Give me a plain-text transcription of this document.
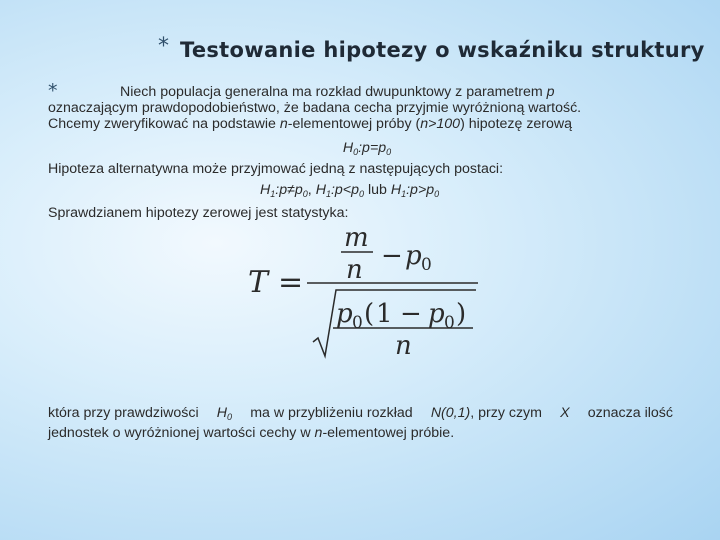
* Testowanie hipotezy o wskaźniku struktury
*	Niech populacja generalna ma rozkład dwupunktowy z parametrem p
oznaczającym prawdopodobieństwo, że badana cecha przyjmie wyróżnioną wartość.
Chcemy zweryfikować na podstawie n-elementowej próby (n>100) hipotezę zerową
$H_0:p=p_0$
Hipoteza alternatywna może przyjmować jedną z następujących postaci:
$H_1:p\ne p_0$, $H_1:p<p_0$ lub $H_1:p>p_0$
Sprawdzianem hipotezy zerowej jest statystyka:
T =
m
n − p 0
p 0 ( 1 − p 0 )
n
która przy prawdziwości $H_0$ ma w przybliżeniu rozkład N(0,1), przy czym X oznacza ilość
jednostek o wyróżnionej wartości cechy w n-elementowej próbie.
